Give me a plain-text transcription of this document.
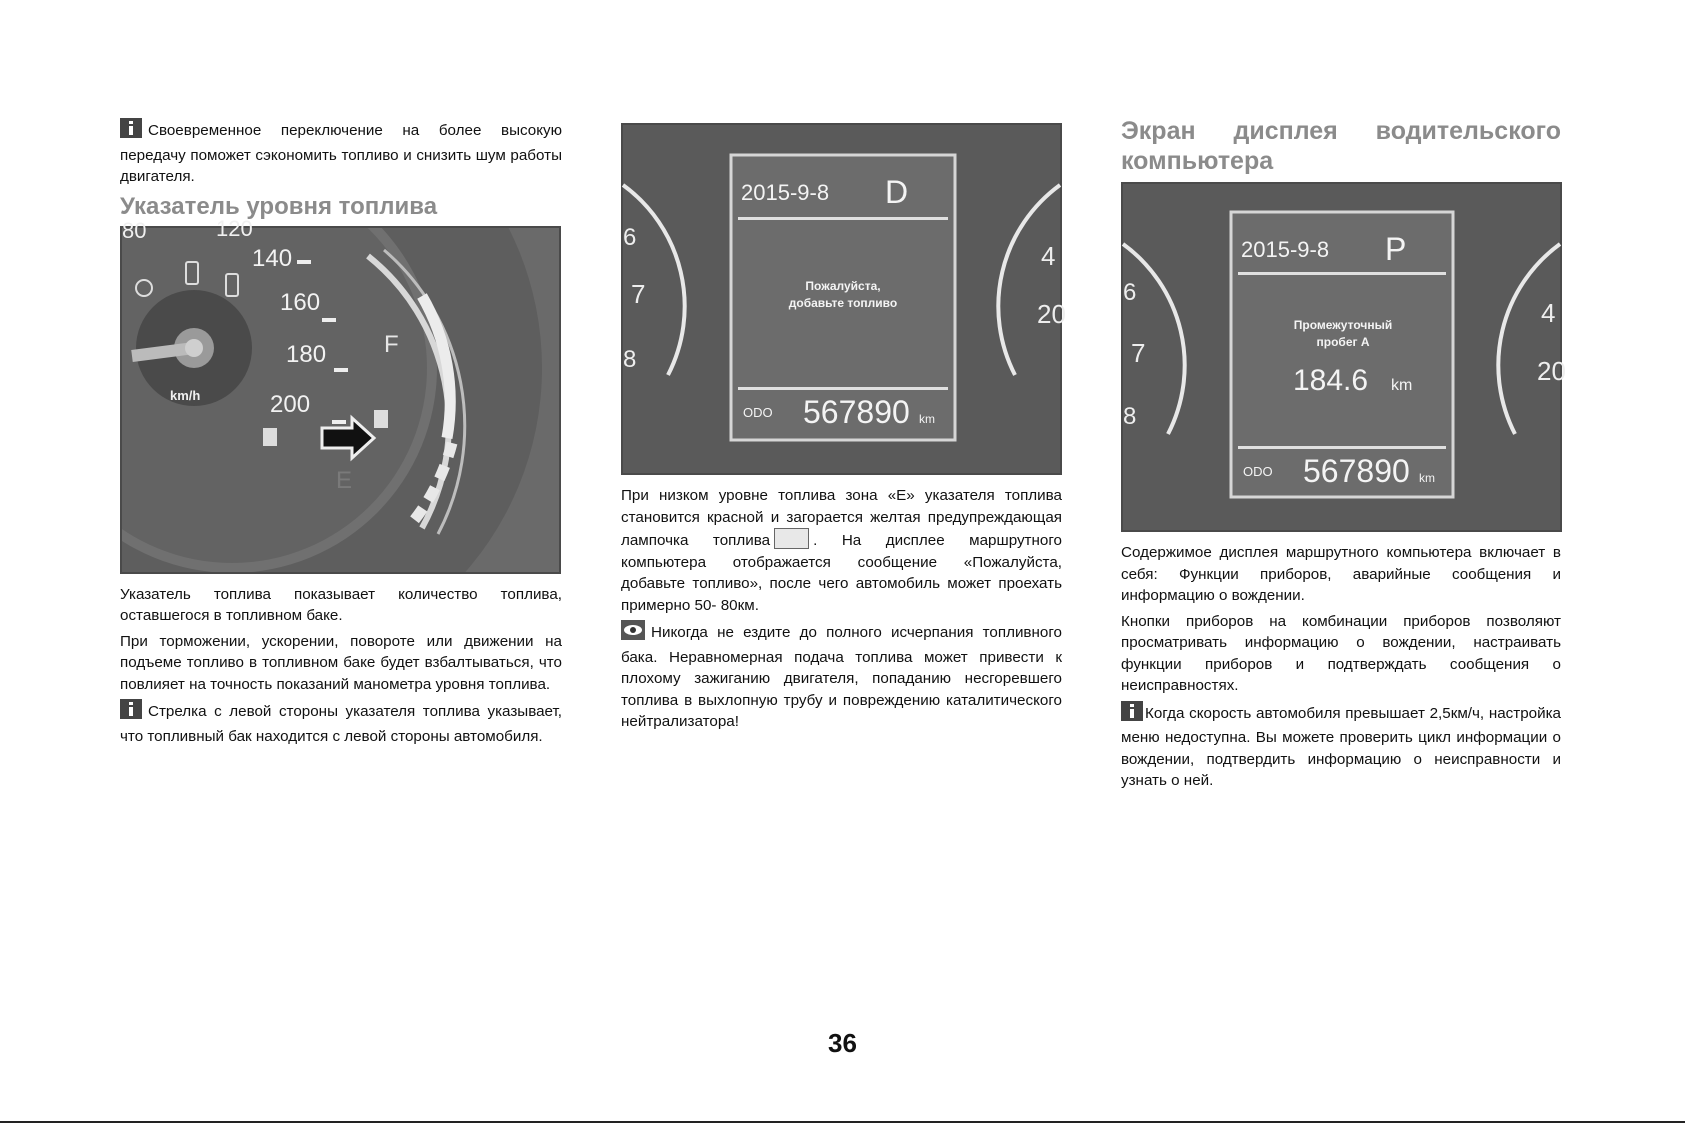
Своевременное переключение на более высокую передачу поможет сэкономить топливо и снизить шум работы двигателя.

Указатель уровня топлива
80	120
140
160
180
200
km/h
F
E

Указатель топлива показывает количество топлива, оставшегося в топливном баке.

При торможении, ускорении, повороте или движении на подъеме топливо в топливном баке будет взбалтываться, что повлияет на точность показаний манометра уровня топлива.

Стрелка с левой стороны указателя топлива указывает, что топливный бак находится с левой стороны автомобиля.

6
7
8
4
20
2015-9-8 D
Пожалуйста,
добавьте топливо
ODO 567890 km

При низком уровне топлива зона «E» указателя топлива становится красной и загорается желтая предупреждающая лампочка топлива	. На дисплее маршрутного компьютера отображается сообщение «Пожалуйста, добавьте топливо», после чего автомобиль может проехать примерно 50- 80км.

Никогда не ездите до полного исчерпания топливного бака. Неравномерная подача топлива может привести к плохому зажиганию двигателя, попаданию несгоревшего топлива в выхлопную трубу и повреждению каталитического нейтрализатора!

Экран дисплея водительского компьютера
6
7
8
4
20
2015-9-8 P
Промежуточный
пробег А
184.6 km
ODO 567890 km

Содержимое дисплея маршрутного компьютера включает в себя: Функции приборов, аварийные сообщения и информацию о вождении.

Кнопки приборов на комбинации приборов позволяют просматривать информацию о вождении, настраивать функции приборов и подтверждать сообщения о неисправностях.

Когда скорость автомобиля превышает 2,5км/ч, настройка меню недоступна. Вы можете проверить цикл информации о вождении, подтвердить информацию о неисправности и узнать о ней.

36
